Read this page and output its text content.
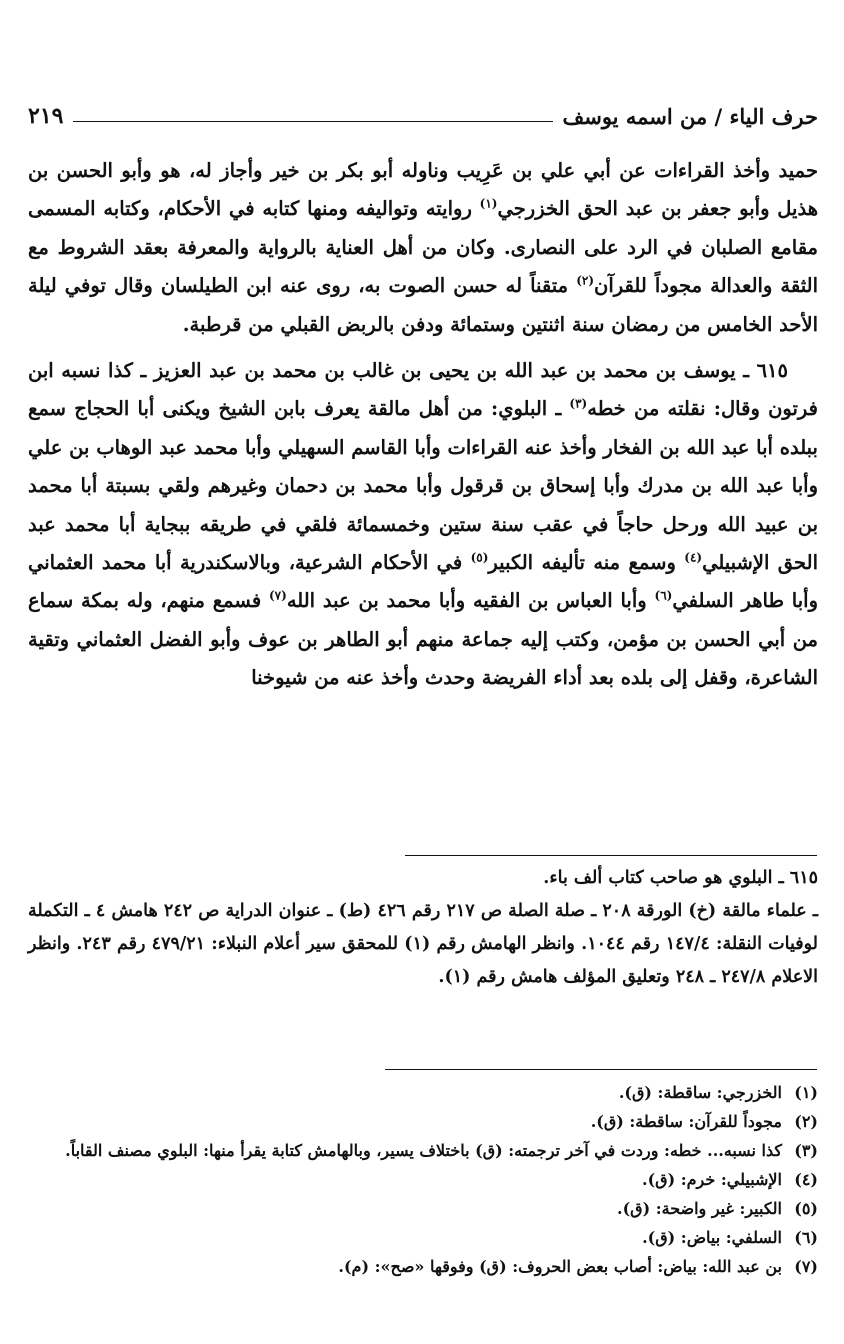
حرف الياء / من اسمه يوسف
٢١٩

حميد وأخذ القراءات عن أبي علي بن عَرِيب وناوله أبو بكر بن خير وأجاز له، هو وأبو الحسن بن هذيل وأبو جعفر بن عبد الحق الخزرجي$^{(١)}$ روايته وتواليفه ومنها كتابه في الأحكام، وكتابه المسمى مقامع الصلبان في الرد على النصارى. وكان من أهل العناية بالرواية والمعرفة بعقد الشروط مع الثقة والعدالة مجوداً للقرآن$^{(٢)}$ متقناً له حسن الصوت به، روى عنه ابن الطيلسان وقال توفي ليلة الأحد الخامس من رمضان سنة اثنتين وستمائة ودفن بالربض القبلي من قرطبة.

٦١٥ ـ يوسف بن محمد بن عبد الله بن يحيى بن غالب بن محمد بن عبد العزيز ـ كذا نسبه ابن فرتون وقال: نقلته من خطه$^{(٣)}$ ـ البلوي: من أهل مالقة يعرف بابن الشيخ ويكنى أبا الحجاج سمع ببلده أبا عبد الله بن الفخار وأخذ عنه القراءات وأبا القاسم السهيلي وأبا محمد عبد الوهاب بن علي وأبا عبد الله بن مدرك وأبا إسحاق بن قرقول وأبا محمد بن دحمان وغيرهم ولقي بسبتة أبا محمد بن عبيد الله ورحل حاجاً في عقب سنة ستين وخمسمائة فلقي في طريقه ببجاية أبا محمد عبد الحق الإشبيلي$^{(٤)}$ وسمع منه تأليفه الكبير$^{(٥)}$ في الأحكام الشرعية، وبالاسكندرية أبا محمد العثماني وأبا طاهر السلفي$^{(٦)}$ وأبا العباس بن الفقيه وأبا محمد بن عبد الله$^{(٧)}$ فسمع منهم، وله بمكة سماع من أبي الحسن بن مؤمن، وكتب إليه جماعة منهم أبو الطاهر بن عوف وأبو الفضل العثماني وتقية الشاعرة، وقفل إلى بلده بعد أداء الفريضة وحدث وأخذ عنه من شيوخنا

٦١٥ ـ البلوي هو صاحب كتاب ألف باء.

ـ علماء مالقة (خ) الورقة ٢٠٨ ـ صلة الصلة ص ٢١٧ رقم ٤٢٦ (ط) ـ عنوان الدراية ص ٢٤٢ هامش ٤ ـ التكملة لوفيات النقلة: ١٤٧/٤ رقم ١٠٤٤. وانظر الهامش رقم (١) للمحقق سير أعلام النبلاء: ٤٧٩/٢١ رقم ٢٤٣. وانظر الاعلام ٢٤٧/٨ ـ ٢٤٨ وتعليق المؤلف هامش رقم (١).

(١)
الخزرجي: ساقطة: (ق).
(٢)
مجوداً للقرآن: ساقطة: (ق).
(٣)
كذا نسبه... خطه: وردت في آخر ترجمته: (ق) باختلاف يسير، وبالهامش كتابة يقرأ منها: البلوي مصنف القاباً.
(٤)
الإشبيلي: خرم: (ق).
(٥)
الكبير: غير واضحة: (ق).
(٦)
السلفي: بياض: (ق).
(٧)
بن عبد الله: بياض: أصاب بعض الحروف: (ق) وفوقها «صح»: (م).
